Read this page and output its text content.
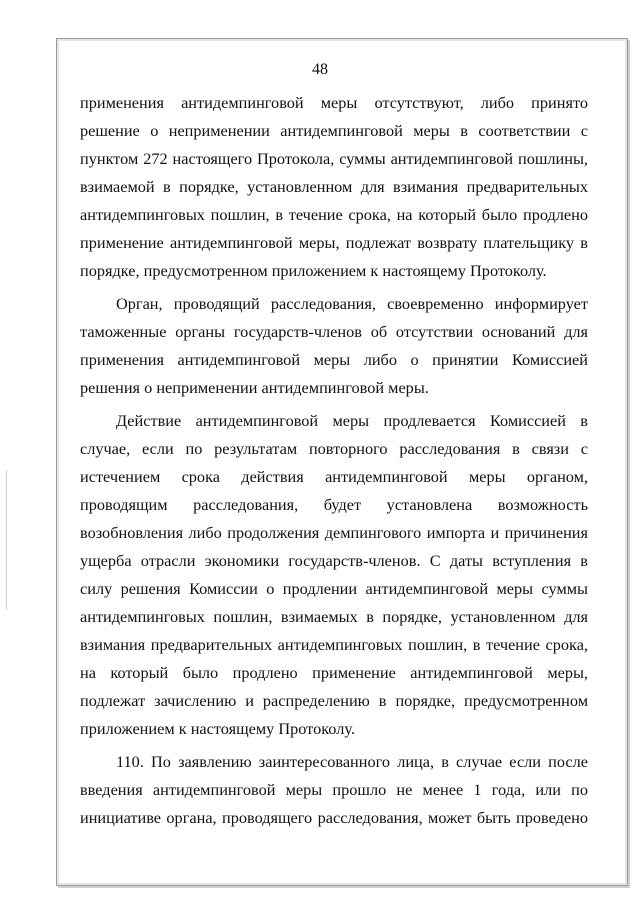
48
применения антидемпинговой меры отсутствуют, либо принято
решение о неприменении антидемпинговой меры в соответствии с
пунктом 272 настоящего Протокола, суммы антидемпинговой пошлины,
взимаемой в порядке, установленном для взимания предварительных
антидемпинговых пошлин, в течение срока, на который было продлено
применение антидемпинговой меры, подлежат возврату плательщику в
порядке, предусмотренном приложением к настоящему Протоколу.
Орган, проводящий расследования, своевременно информирует
таможенные органы государств-членов об отсутствии оснований для
применения антидемпинговой меры либо о принятии Комиссией
решения о неприменении антидемпинговой меры.
Действие антидемпинговой меры продлевается Комиссией в
случае, если по результатам повторного расследования в связи с
истечением срока действия антидемпинговой меры органом,
проводящим расследования, будет установлена возможность
возобновления либо продолжения демпингового импорта и причинения
ущерба отрасли экономики государств-членов. С даты вступления в
силу решения Комиссии о продлении антидемпинговой меры суммы
антидемпинговых пошлин, взимаемых в порядке, установленном для
взимания предварительных антидемпинговых пошлин, в течение срока,
на который было продлено применение антидемпинговой меры,
подлежат зачислению и распределению в порядке, предусмотренном
приложением к настоящему Протоколу.
110. По заявлению заинтересованного лица, в случае если после
введения антидемпинговой меры прошло не менее 1 года, или по
инициативе органа, проводящего расследования, может быть проведено
